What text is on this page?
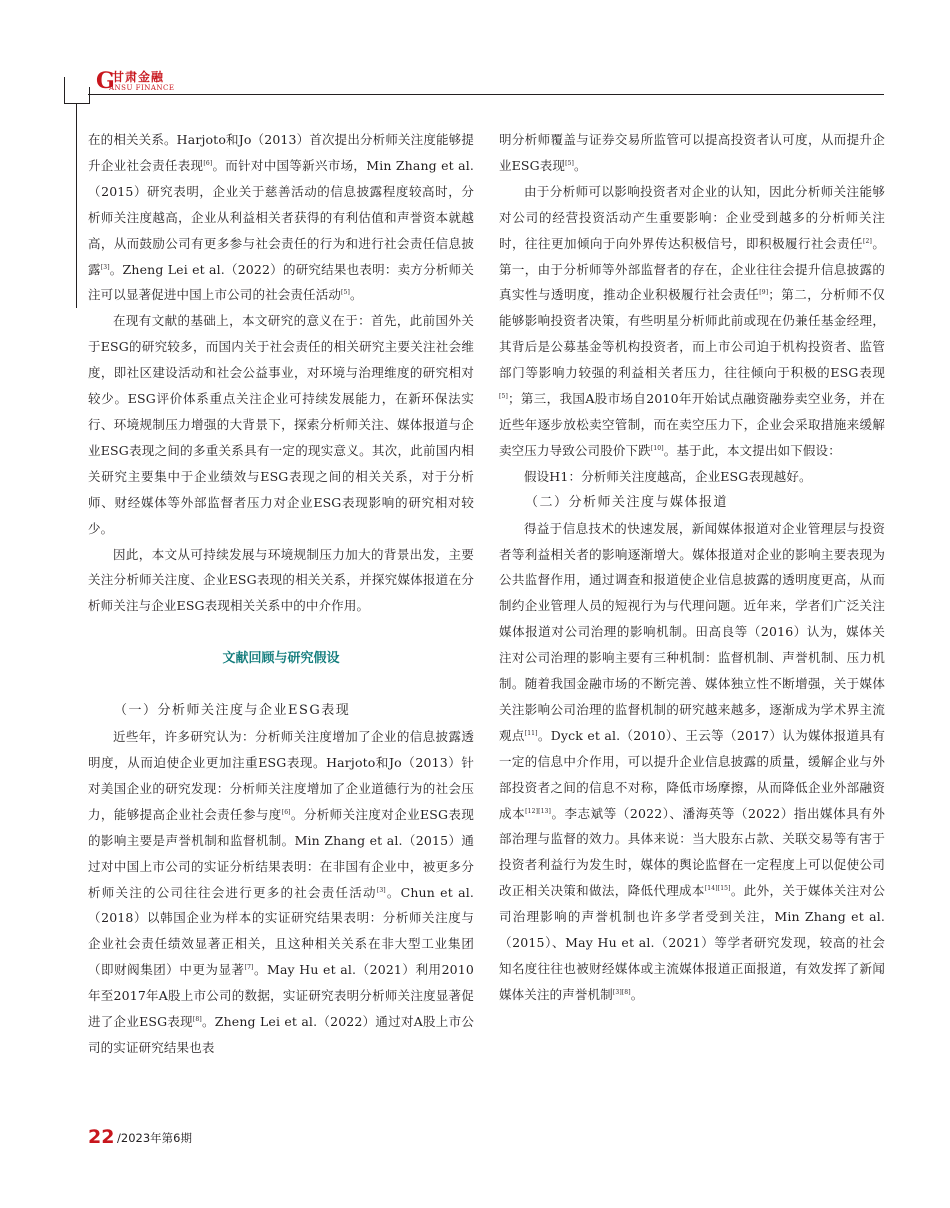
G
甘肃金融
ANSU FINANCE

在的相关关系。Harjoto和Jo（2013）首次提出分析师关注度能够提升企业社会责任表现 [ $^6$ ] 。而针对中国等新兴市场，Min Zhang et al.（2015）研究表明，企业关于慈善活动的信息披露程度较高时，分析师关注度越高，企业从利益相关者获得的有利估值和声誉资本就越高，从而鼓励公司有更多参与社会责任的行为和进行社会责任信息披露 [ $^3$ ] 。Zheng Lei et al.（2022）的研究结果也表明：卖方分析师关注可以显著促进中国上市公司的社会责任活动 [ $^5$ ] 。

在现有文献的基础上，本文研究的意义在于：首先，此前国外关于ESG的研究较多，而国内关于社会责任的相关研究主要关注社会维度，即社区建设活动和社会公益事业，对环境与治理维度的研究相对较少。ESG评价体系重点关注企业可持续发展能力，在新环保法实行、环境规制压力增强的大背景下，探索分析师关注、媒体报道与企业ESG表现之间的多重关系具有一定的现实意义。其次，此前国内相关研究主要集中于企业绩效与ESG表现之间的相关关系，对于分析师、财经媒体等外部监督者压力对企业ESG表现影响的研究相对较少。

因此，本文从可持续发展与环境规制压力加大的背景出发，主要关注分析师关注度、企业ESG表现的相关关系，并探究媒体报道在分析师关注与企业ESG表现相关关系中的中介作用。

文献回顾与研究假设
（一）分析师关注度与企业ESG表现

近些年，许多研究认为：分析师关注度增加了企业的信息披露透明度，从而迫使企业更加注重ESG表现。Harjoto和Jo（2013）针对美国企业的研究发现：分析师关注度增加了企业道德行为的社会压力，能够提高企业社会责任参与度 [ $^6$ ] 。分析师关注度对企业ESG表现的影响主要是声誉机制和监督机制。Min Zhang et al.（2015）通过对中国上市公司的实证分析结果表明：在非国有企业中，被更多分析师关注的公司往往会进行更多的社会责任活动 [ $^3$ ] 。Chun et al.（2018）以韩国企业为样本的实证研究结果表明：分析师关注度与企业社会责任绩效显著正相关，且这种相关关系在非大型工业集团（即财阀集团）中更为显著 [ $^7$ ] 。May Hu et al.（2021）利用2010年至2017年A股上市公司的数据，实证研究表明分析师关注度显著促进了企业ESG表现 [ $^8$ ] 。Zheng Lei et al.（2022）通过对A股上市公司的实证研究结果也表

明分析师覆盖与证券交易所监管可以提高投资者认可度，从而提升企业ESG表现 [ $^5$ ] 。

由于分析师可以影响投资者对企业的认知，因此分析师关注能够对公司的经营投资活动产生重要影响：企业受到越多的分析师关注时，往往更加倾向于向外界传达积极信号，即积极履行社会责任 [ $^2$ ] 。第一，由于分析师等外部监督者的存在，企业往往会提升信息披露的真实性与透明度，推动企业积极履行社会责任 [ $^9$ ] ；第二，分析师不仅能够影响投资者决策，有些明星分析师此前或现在仍兼任基金经理，其背后是公募基金等机构投资者，而上市公司迫于机构投资者、监管部门等影响力较强的利益相关者压力，往往倾向于积极的ESG表现[ $^5$ ] ；第三，我国A股市场自2010年开始试点融资融券卖空业务，并在近些年逐步放松卖空管制，而在卖空压力下，企业会采取措施来缓解卖空压力导致公司股价下跌 [ $^{10}$ ] 。基于此，本文提出如下假设：

假设H1：分析师关注度越高，企业ESG表现越好。

（二）分析师关注度与媒体报道

得益于信息技术的快速发展，新闻媒体报道对企业管理层与投资者等利益相关者的影响逐渐增大。媒体报道对企业的影响主要表现为公共监督作用，通过调查和报道使企业信息披露的透明度更高，从而制约企业管理人员的短视行为与代理问题。近年来，学者们广泛关注媒体报道对公司治理的影响机制。田高良等（2016）认为，媒体关注对公司治理的影响主要有三种机制：监督机制、声誉机制、压力机制。随着我国金融市场的不断完善、媒体独立性不断增强，关于媒体关注影响公司治理的监督机制的研究越来越多，逐渐成为学术界主流观点 [ $^{11}$ ] 。Dyck et al.（2010）、王云等（2017）认为媒体报道具有一定的信息中介作用，可以提升企业信息披露的质量，缓解企业与外部投资者之间的信息不对称，降低市场摩擦，从而降低企业外部融资成本 [ $^{12][13}$ ] 。李志斌等（2022）、潘海英等（2022）指出媒体具有外部治理与监督的效力。具体来说：当大股东占款、关联交易等有害于投资者利益行为发生时，媒体的舆论监督在一定程度上可以促使公司改正相关决策和做法，降低代理成本 [ $^{14][15}$ ] 。此外，关于媒体关注对公司治理影响的声誉机制也许多学者受到关注，Min Zhang et al.（2015）、May Hu et al.（2021）等学者研究发现，较高的社会知名度往往也被财经媒体或主流媒体报道正面报道，有效发挥了新闻媒体关注的声誉机制 [ $^{3][8}$ ] 。

22 /2023年第6期
